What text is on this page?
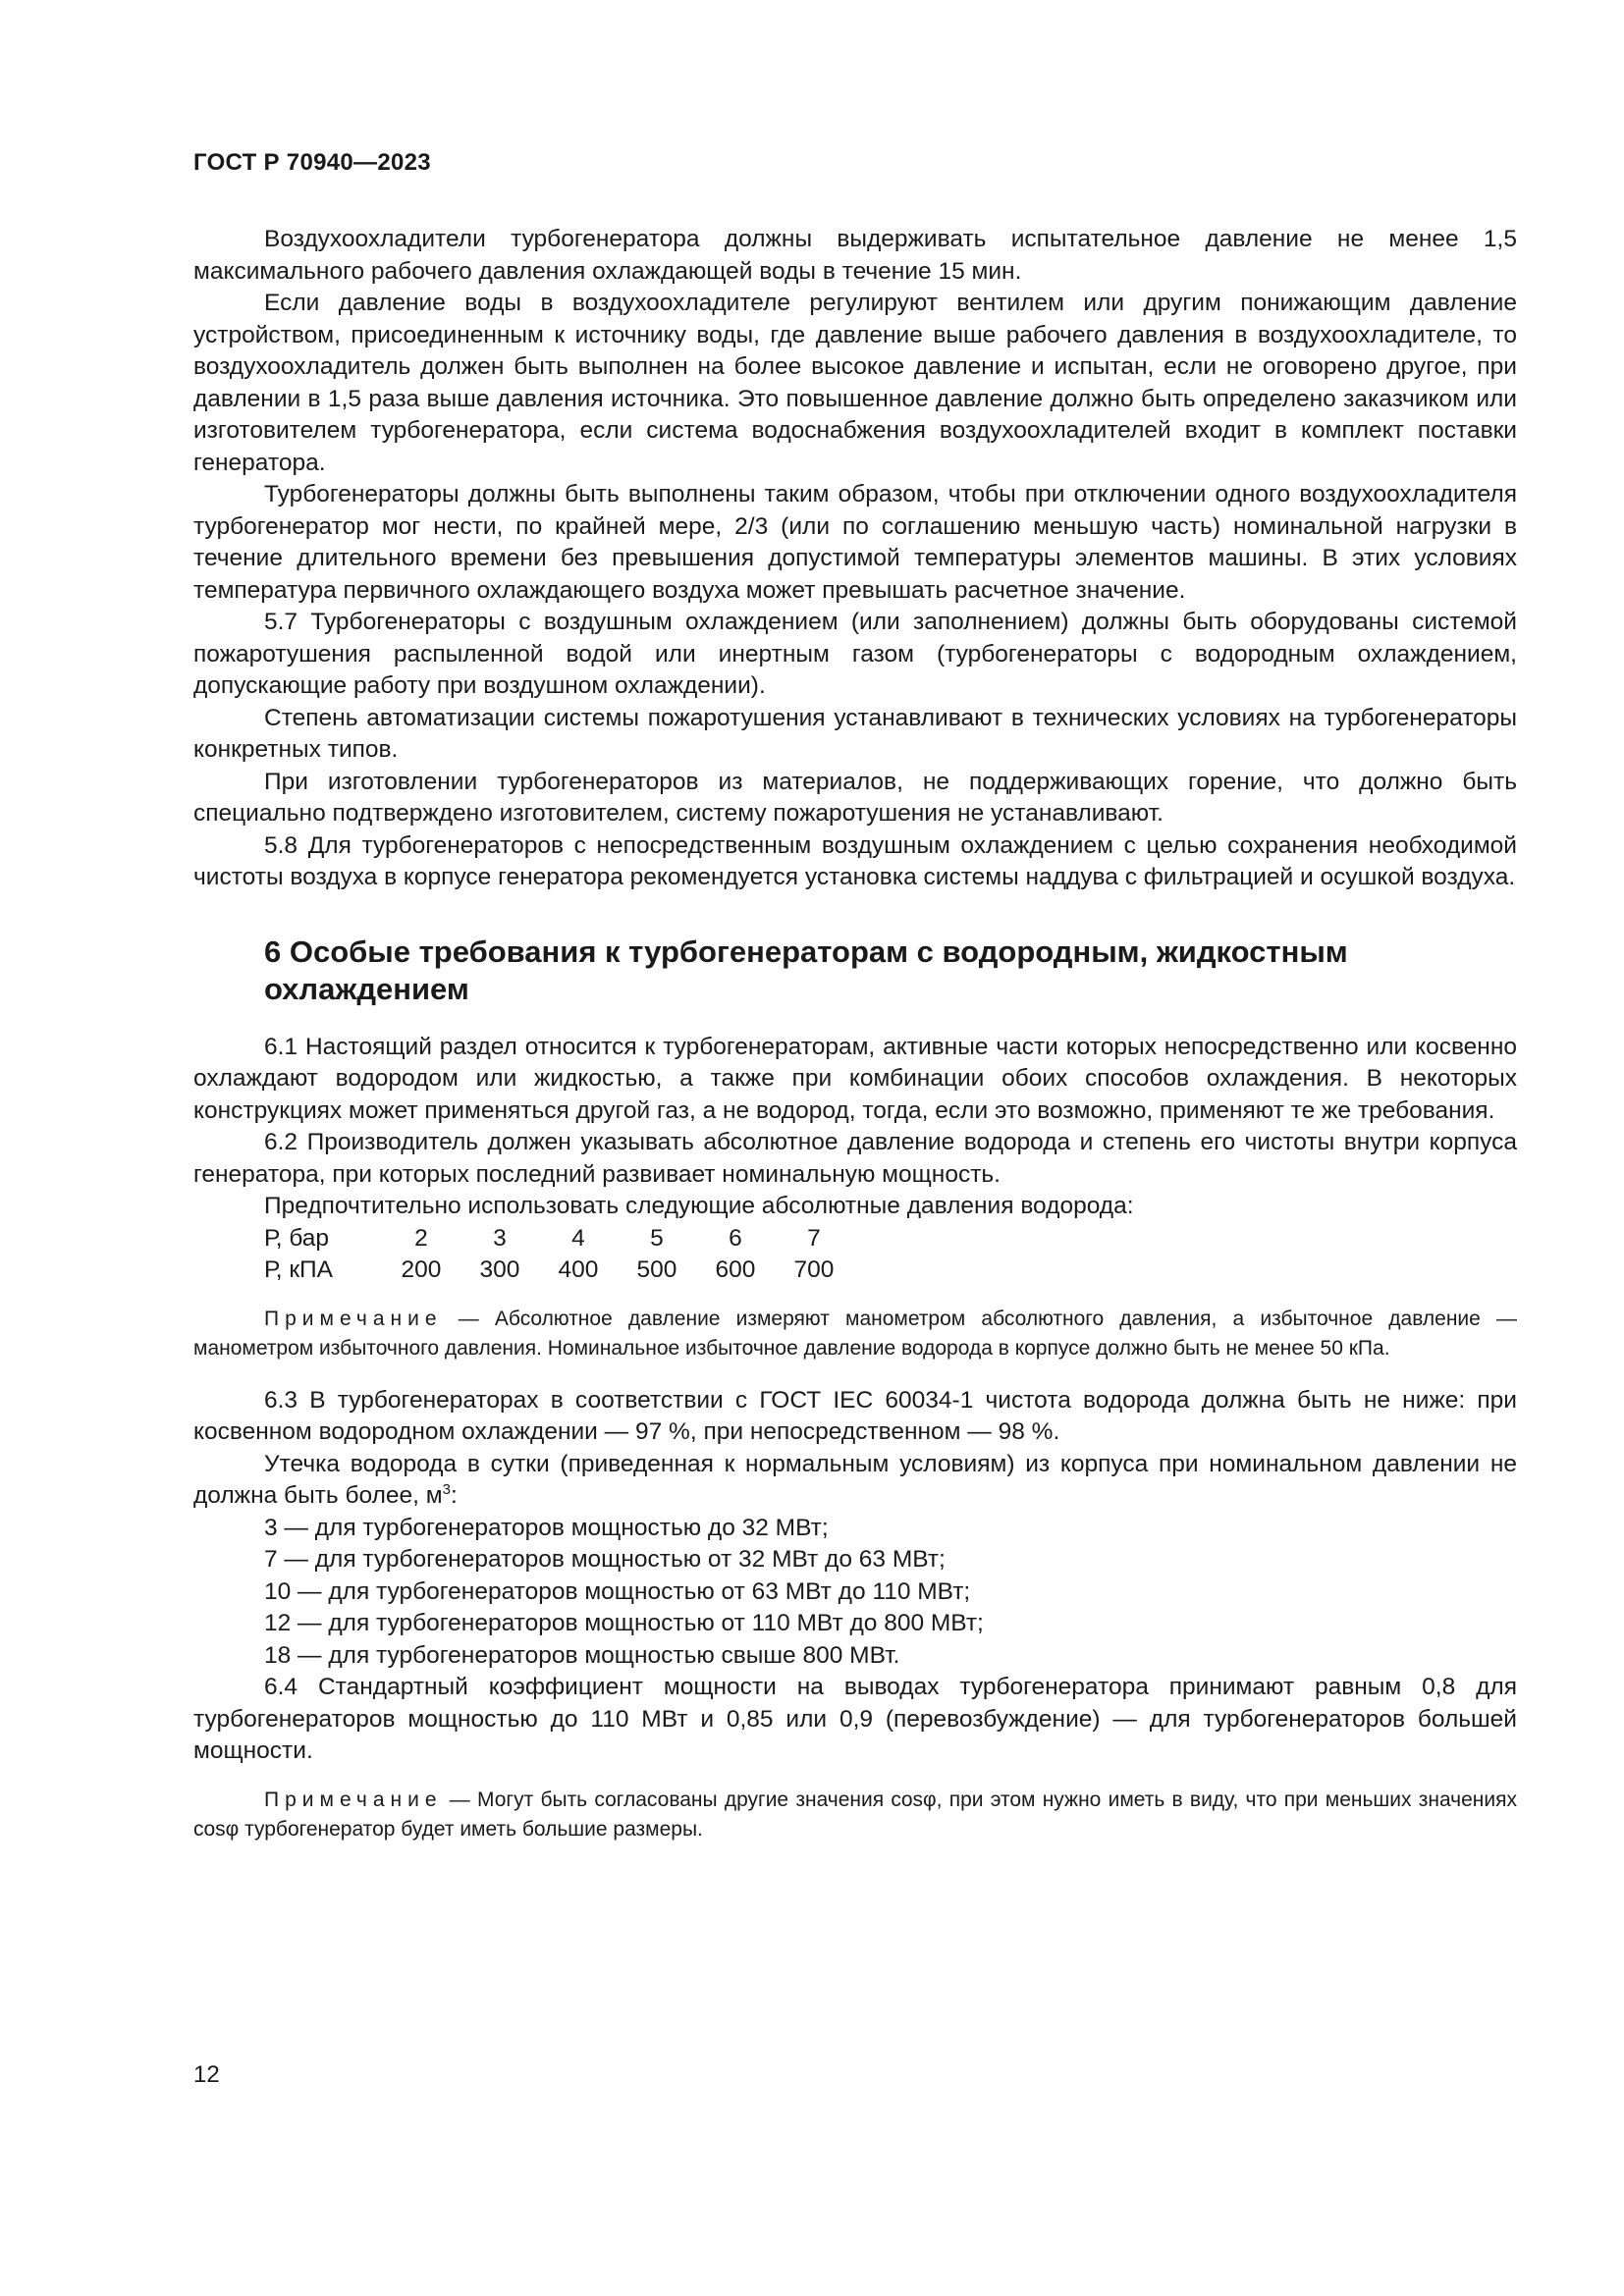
ГОСТ Р 70940—2023

Воздухоохладители турбогенератора должны выдерживать испытательное давление не менее 1,5 максимального рабочего давления охлаждающей воды в течение 15 мин.

Если давление воды в воздухоохладителе регулируют вентилем или другим понижающим давление устройством, присоединенным к источнику воды, где давление выше рабочего давления в воздухоохладителе, то воздухоохладитель должен быть выполнен на более высокое давление и испытан, если не оговорено другое, при давлении в 1,5 раза выше давления источника. Это повышенное давление должно быть определено заказчиком или изготовителем турбогенератора, если система водоснабжения воздухоохладителей входит в комплект поставки генератора.

Турбогенераторы должны быть выполнены таким образом, чтобы при отключении одного воздухоохладителя турбогенератор мог нести, по крайней мере, 2/3 (или по соглашению меньшую часть) номинальной нагрузки в течение длительного времени без превышения допустимой температуры элементов машины. В этих условиях температура первичного охлаждающего воздуха может превышать расчетное значение.

5.7 Турбогенераторы с воздушным охлаждением (или заполнением) должны быть оборудованы системой пожаротушения распыленной водой или инертным газом (турбогенераторы с водородным охлаждением, допускающие работу при воздушном охлаждении).

Степень автоматизации системы пожаротушения устанавливают в технических условиях на турбогенераторы конкретных типов.

При изготовлении турбогенераторов из материалов, не поддерживающих горение, что должно быть специально подтверждено изготовителем, систему пожаротушения не устанавливают.

5.8 Для турбогенераторов с непосредственным воздушным охлаждением с целью сохранения необходимой чистоты воздуха в корпусе генератора рекомендуется установка системы наддува с фильтрацией и осушкой воздуха.

6 Особые требования к турбогенераторам с водородным, жидкостным охлаждением

6.1 Настоящий раздел относится к турбогенераторам, активные части которых непосредственно или косвенно охлаждают водородом или жидкостью, а также при комбинации обоих способов охлаждения. В некоторых конструкциях может применяться другой газ, а не водород, тогда, если это возможно, применяют те же требования.

6.2 Производитель должен указывать абсолютное давление водорода и степень его чистоты внутри корпуса генератора, при которых последний развивает номинальную мощность.

Предпочтительно использовать следующие абсолютные давления водорода:

Р, бар	2	3	4	5	6	7
Р, кПА	200	300	400	500	600	700

Примечание — Абсолютное давление измеряют манометром абсолютного давления, а избыточное давление — манометром избыточного давления. Номинальное избыточное давление водорода в корпусе должно быть не менее 50 кПа.

6.3 В турбогенераторах в соответствии с ГОСТ IEC 60034-1 чистота водорода должна быть не ниже: при косвенном водородном охлаждении — 97 %, при непосредственном — 98 %.

Утечка водорода в сутки (приведенная к нормальным условиям) из корпуса при номинальном давлении не должна быть более, $м^3$:

3 — для турбогенераторов мощностью до 32 МВт;

7 — для турбогенераторов мощностью от 32 МВт до 63 МВт;

10 — для турбогенераторов мощностью от 63 МВт до 110 МВт;

12 — для турбогенераторов мощностью от 110 МВт до 800 МВт;

18 — для турбогенераторов мощностью свыше 800 МВт.

6.4 Стандартный коэффициент мощности на выводах турбогенератора принимают равным 0,8 для турбогенераторов мощностью до 110 МВт и 0,85 или 0,9 (перевозбуждение) — для турбогенераторов большей мощности.

Примечание — Могут быть согласованы другие значения cosφ, при этом нужно иметь в виду, что при меньших значениях cosφ турбогенератор будет иметь большие размеры.

12
